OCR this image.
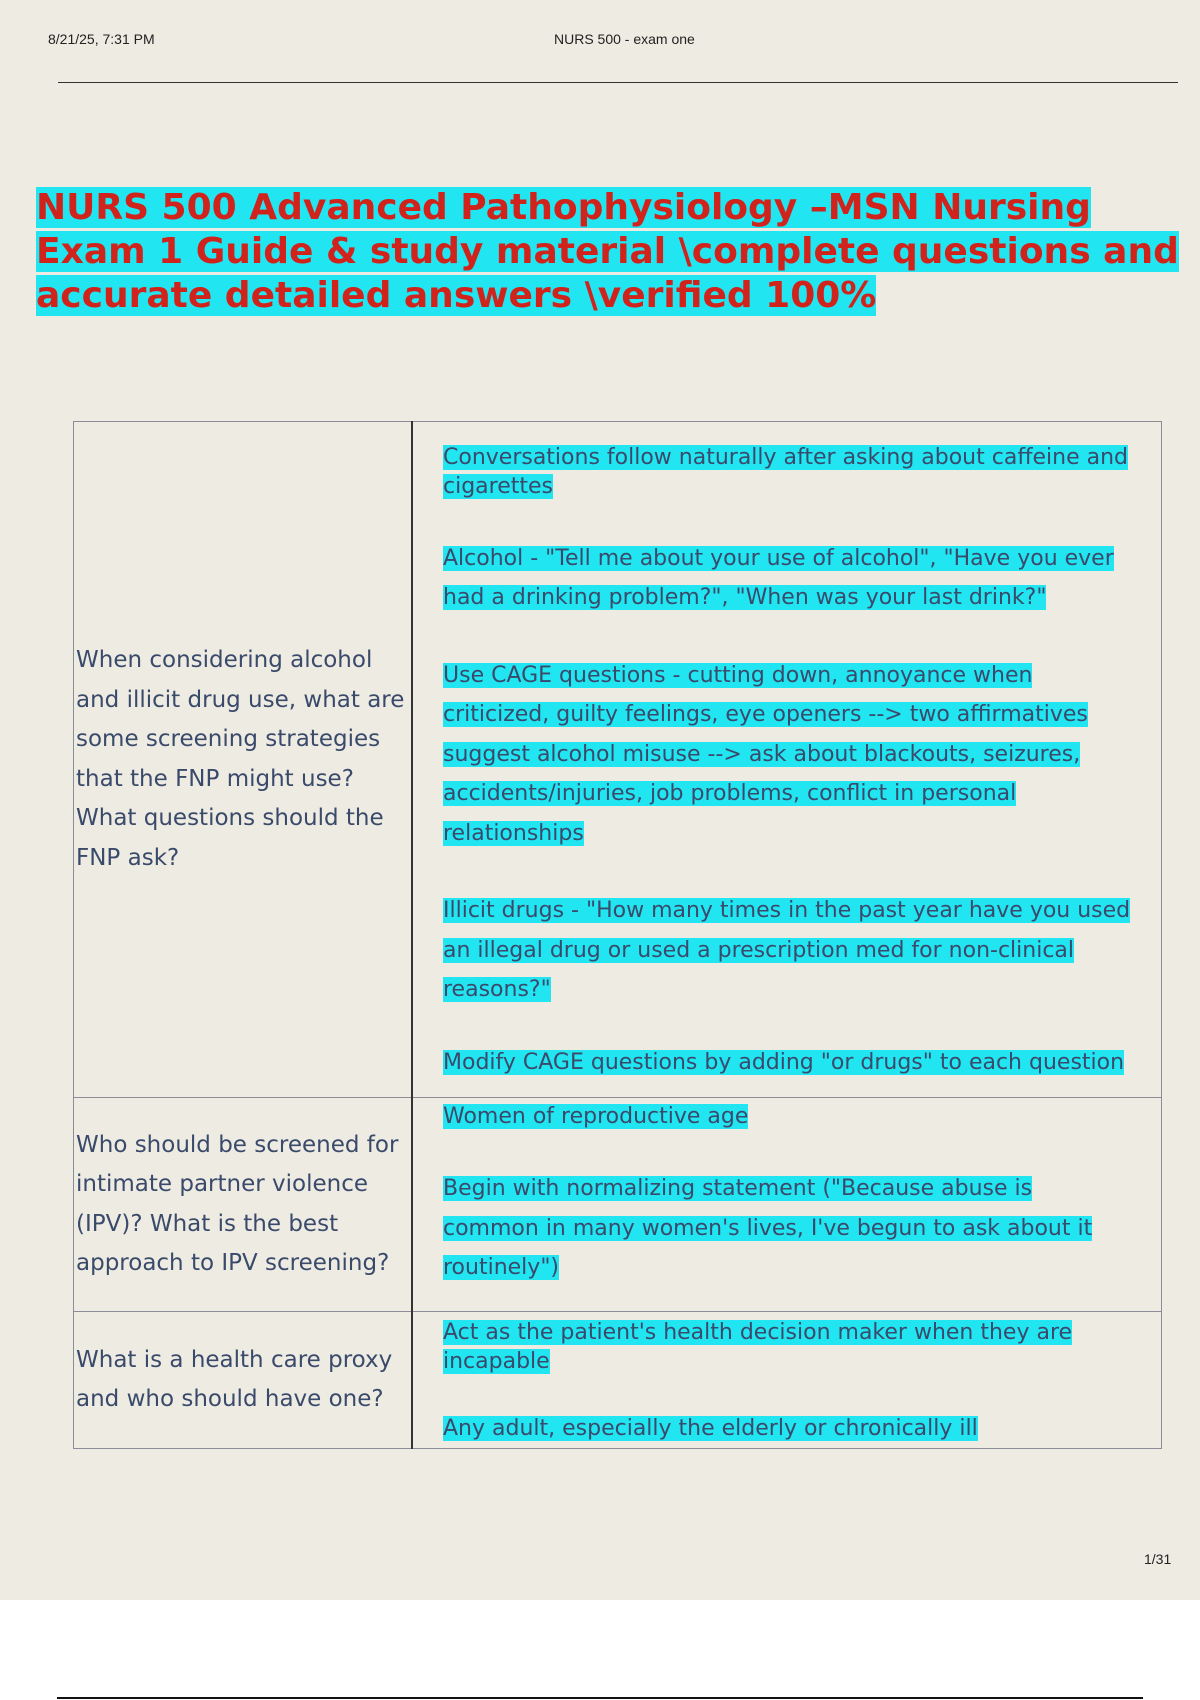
8/21/25, 7:31 PM	NURS 500 - exam one
NURS 500 Advanced Pathophysiology –MSN Nursing Exam 1 Guide & study material \complete questions and accurate detailed answers \verified 100%
When considering alcohol and illicit drug use, what are some screening strategies that the FNP might use? What questions should the FNP ask?	Conversations follow naturally after asking about caffeine and cigarettes

Alcohol - "Tell me about your use of alcohol", "Have you ever had a drinking problem?", "When was your last drink?"

Use CAGE questions - cutting down, annoyance when criticized, guilty feelings, eye openers --> two affirmatives suggest alcohol misuse --> ask about blackouts, seizures, accidents/injuries, job problems, conflict in personal relationships

Illicit drugs - "How many times in the past year have you used an illegal drug or used a prescription med for non-clinical reasons?"

Modify CAGE questions by adding "or drugs" to each question

Who should be screened for intimate partner violence (IPV)? What is the best approach to IPV screening?	Women of reproductive age

Begin with normalizing statement ("Because abuse is common in many women's lives, I've begun to ask about it routinely")

What is a health care proxy and who should have one?	Act as the patient's health decision maker when they are incapable

Any adult, especially the elderly or chronically ill

1/31
